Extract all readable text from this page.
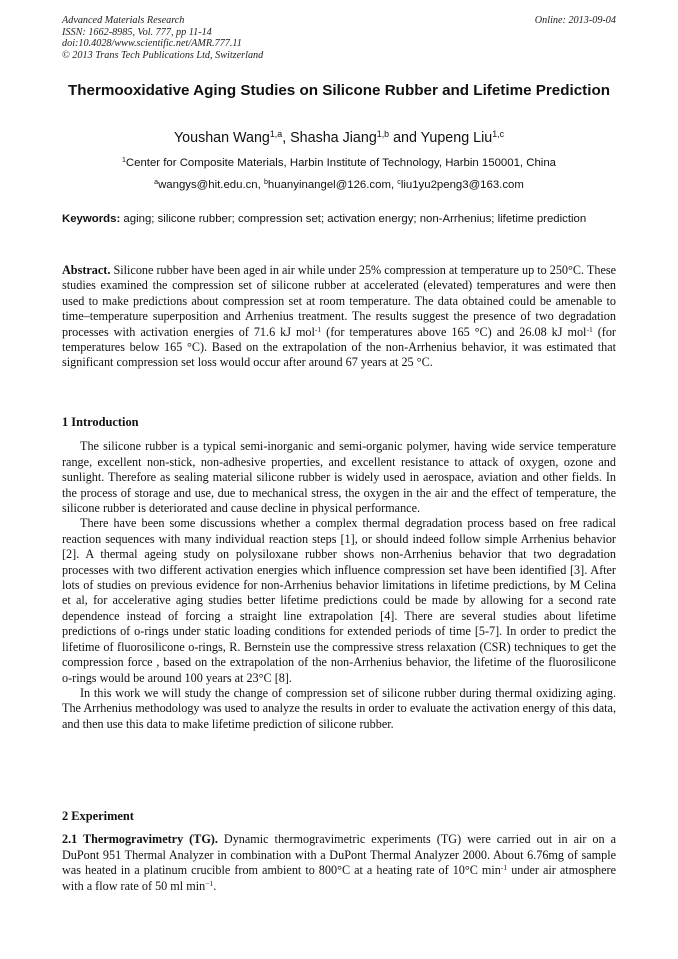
Advanced Materials Research
ISSN: 1662-8985, Vol. 777, pp 11-14
doi:10.4028/www.scientific.net/AMR.777.11
© 2013 Trans Tech Publications Ltd, Switzerland
Online: 2013-09-04
Thermooxidative Aging Studies on Silicone Rubber and Lifetime Prediction
Youshan Wang$^{1,a}$, Shasha Jiang$^{1,b}$ and Yupeng Liu$^{1,c}$
$^1$Center for Composite Materials, Harbin Institute of Technology, Harbin 150001, China
$^a$wangys@hit.edu.cn, $^b$huanyinangel@126.com, $^c$liu1yu2peng3@163.com
Keywords: aging; silicone rubber; compression set; activation energy; non-Arrhenius; lifetime prediction

Abstract. Silicone rubber have been aged in air while under 25% compression at temperature up to 250°C. These studies examined the compression set of silicone rubber at accelerated (elevated) temperatures and were then used to make predictions about compression set at room temperature. The data obtained could be amenable to time–temperature superposition and Arrhenius treatment. The results suggest the presence of two degradation processes with activation energies of 71.6 kJ mol$^{-1}$ (for temperatures above 165 °C) and 26.08 kJ mol$^{-1}$ (for temperatures below 165 °C). Based on the extrapolation of the non-Arrhenius behavior, it was estimated that significant compression set loss would occur after around 67 years at 25 °C.

1 Introduction

The silicone rubber is a typical semi-inorganic and semi-organic polymer, having wide service temperature range, excellent non-stick, non-adhesive properties, and excellent resistance to attack of oxygen, ozone and sunlight. Therefore as sealing material silicone rubber is widely used in aerospace, aviation and other fields. In the process of storage and use, due to mechanical stress, the oxygen in the air and the effect of temperature, the silicone rubber is deteriorated and cause decline in physical performance.

There have been some discussions whether a complex thermal degradation process based on free radical reaction sequences with many individual reaction steps [1], or should indeed follow simple Arrhenius behavior [2]. A thermal ageing study on polysiloxane rubber shows non-Arrhenius behavior that two degradation processes with two different activation energies which influence compression set have been identified [3]. After lots of studies on previous evidence for non-Arrhenius behavior limitations in lifetime predictions, by M Celina et al, for accelerative aging studies better lifetime predictions could be made by allowing for a second rate dependence instead of forcing a straight line extrapolation [4]. There are several studies about lifetime predictions of o-rings under static loading conditions for extended periods of time [5-7]. In order to predict the lifetime of fluorosilicone o-rings, R. Bernstein use the compressive stress relaxation (CSR) techniques to get the compression force , based on the extrapolation of the non-Arrhenius behavior, the lifetime of the fluorosilicone o-rings would be around 100 years at 23°C [8].

In this work we will study the change of compression set of silicone rubber during thermal oxidizing aging. The Arrhenius methodology was used to analyze the results in order to evaluate the activation energy of this data, and then use this data to make lifetime prediction of silicone rubber.

2 Experiment

2.1 Thermogravimetry (TG). Dynamic thermogravimetric experiments (TG) were carried out in air on a DuPont 951 Thermal Analyzer in combination with a DuPont Thermal Analyzer 2000. About 6.76mg of sample was heated in a platinum crucible from ambient to 800°C at a heating rate of 10°C $\min^{-1}$ under air atmosphere with a flow rate of 50 ml $\min^{-1}$.
